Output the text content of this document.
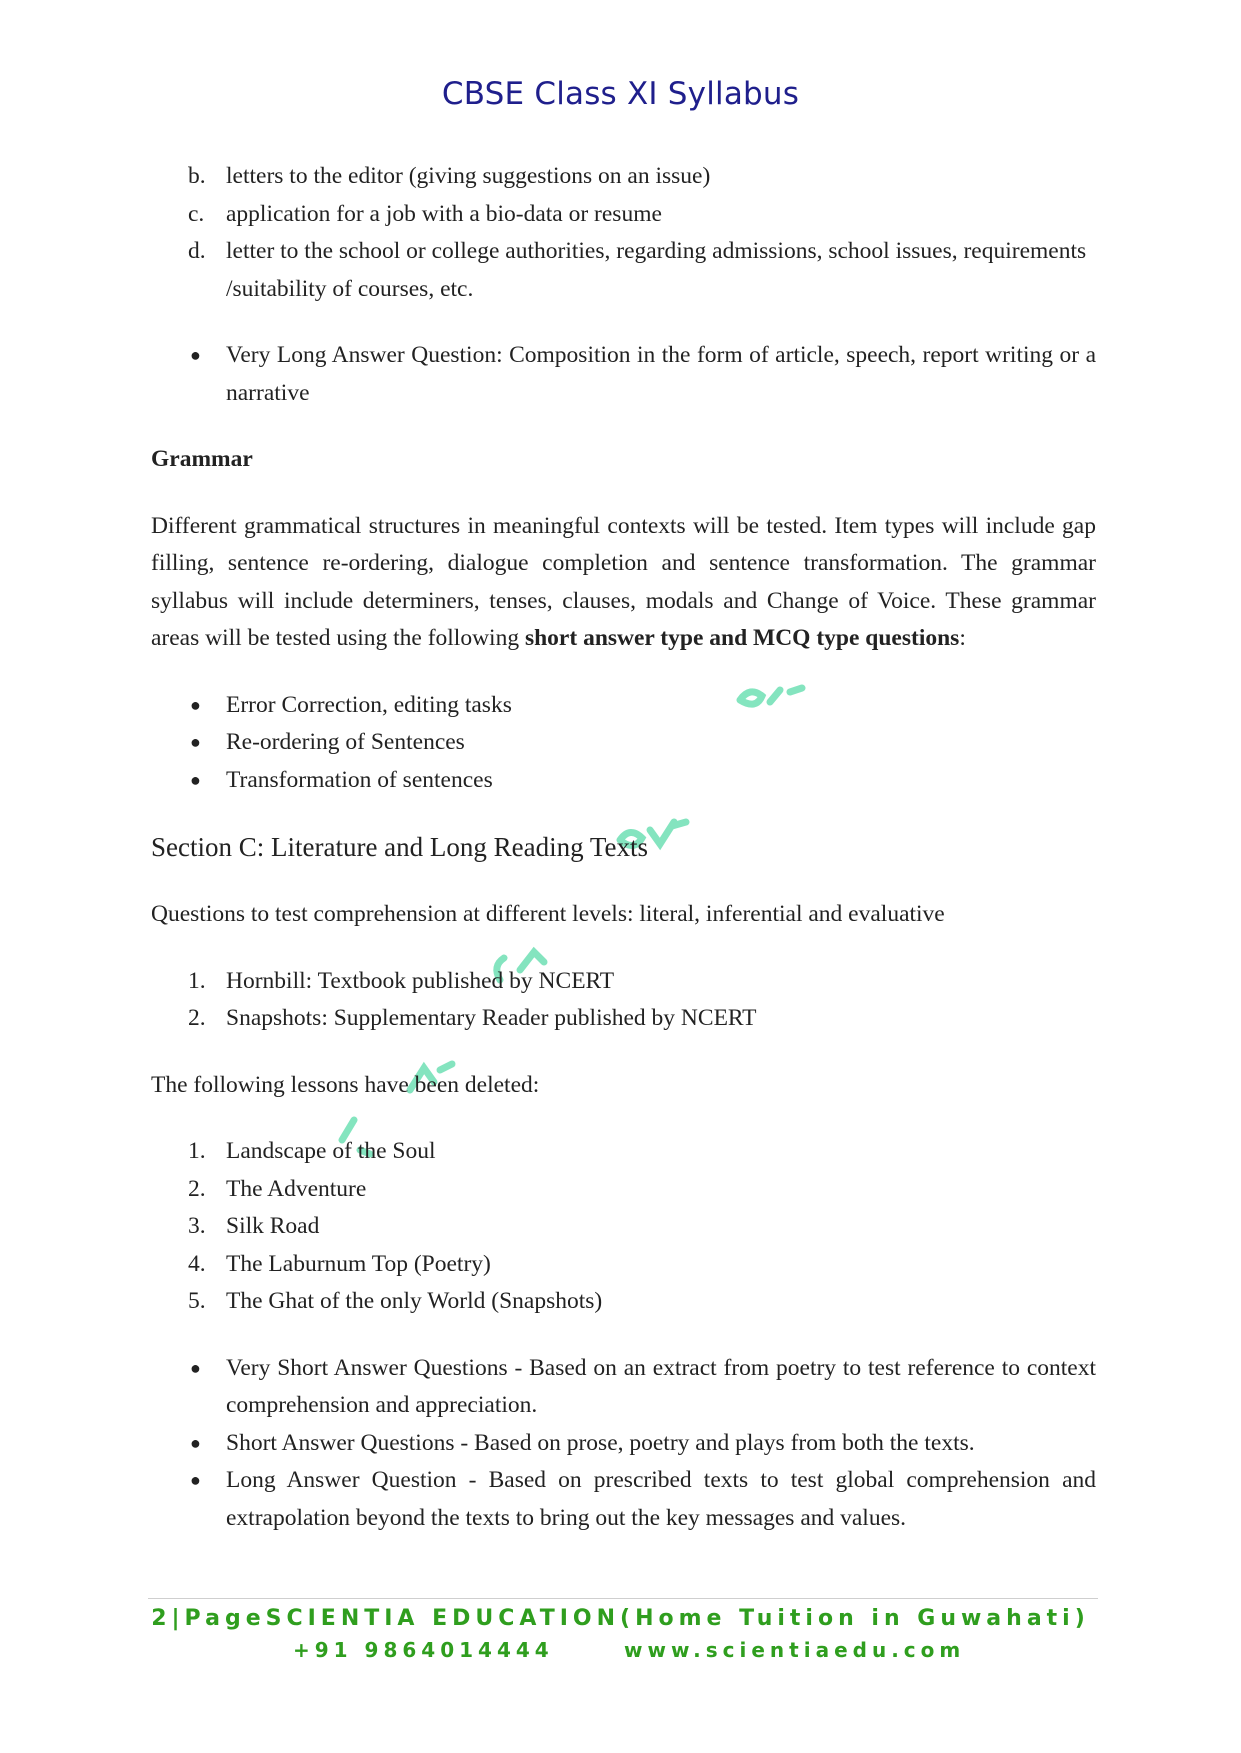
CBSE Class XI Syllabus
b. letters to the editor (giving suggestions on an issue)
c. application for a job with a bio-data or resume
d. letter to the school or college authorities, regarding admissions, school issues, requirements /suitability of courses, etc.
● Very Long Answer Question: Composition in the form of article, speech, report writing or a narrative

Grammar

Different grammatical structures in meaningful contexts will be tested. Item types will include gap filling, sentence re-ordering, dialogue completion and sentence transformation. The grammar syllabus will include determiners, tenses, clauses, modals and Change of Voice. These grammar areas will be tested using the following short answer type and MCQ type questions:

● Error Correction, editing tasks
● Re-ordering of Sentences
● Transformation of sentences

Section C: Literature and Long Reading Texts

Questions to test comprehension at different levels: literal, inferential and evaluative

1. Hornbill: Textbook published by NCERT
2. Snapshots: Supplementary Reader published by NCERT

The following lessons have been deleted:

1. Landscape of the Soul
2. The Adventure
3. Silk Road
4. The Laburnum Top (Poetry)
5. The Ghat of the only World (Snapshots)
● Very Short Answer Questions - Based on an extract from poetry to test reference to context comprehension and appreciation.
● Short Answer Questions - Based on prose, poetry and plays from both the texts.
● Long Answer Question - Based on prescribed texts to test global comprehension and extrapolation beyond the texts to bring out the key messages and values.
2|PageSCIENTIA EDUCATION(Home Tuition in Guwahati)
+91 9864014444	www.scientiaedu.com
